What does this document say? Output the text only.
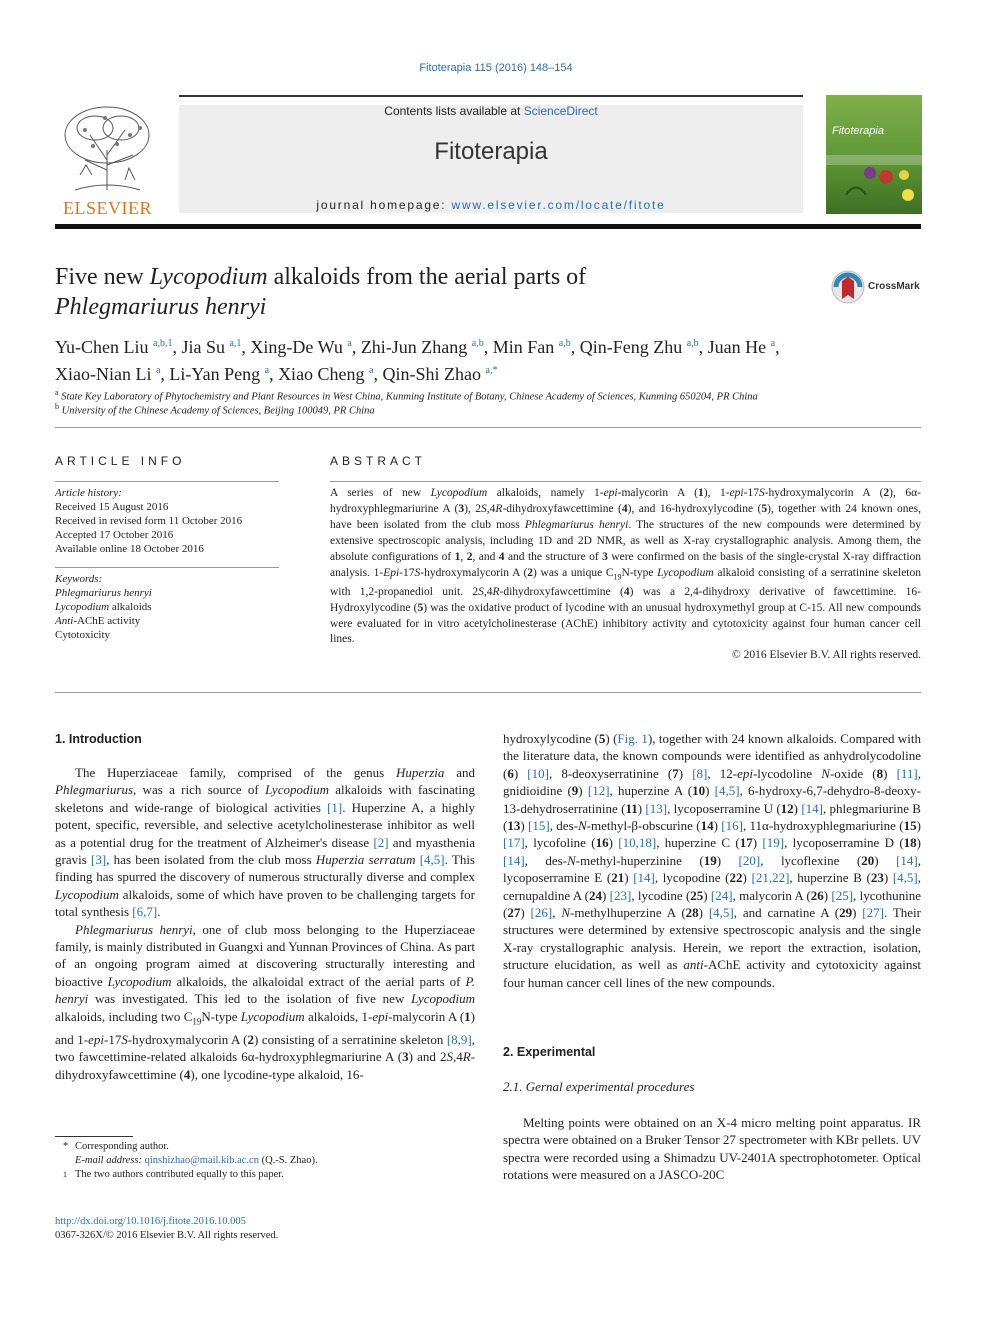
Fitoterapia 115 (2016) 148–154
ELSEVIER
Contents lists available at ScienceDirect
Fitoterapia
journal homepage: www.elsevier.com/locate/fitote
Fitoterapia
Five new Lycopodium alkaloids from the aerial parts of
Phlegmariurus henryi
CrossMark
Yu-Chen Liu $^{a,b,1}$, Jia Su $^{a,1}$, Xing-De Wu $^a$, Zhi-Jun Zhang $^{a,b}$, Min Fan $^{a,b}$, Qin-Feng Zhu $^{a,b}$, Juan He $^a$,
Xiao-Nian Li $^a$, Li-Yan Peng $^a$, Xiao Cheng $^a$, Qin-Shi Zhao $^{a,*}$
$^a$ State Key Laboratory of Phytochemistry and Plant Resources in West China, Kunming Institute of Botany, Chinese Academy of Sciences, Kunming 650204, PR China
$^b$ University of the Chinese Academy of Sciences, Beijing 100049, PR China
ARTICLE INFO
Article history:
Received 15 August 2016
Received in revised form 11 October 2016
Accepted 17 October 2016
Available online 18 October 2016
Keywords:
Phlegmariurus henryi
Lycopodium alkaloids
Anti-AChE activity
Cytotoxicity
ABSTRACT
A series of new Lycopodium alkaloids, namely 1-epi-malycorin A (1), 1-epi-17S-hydroxymalycorin A (2), 6α-hydroxyphlegmariurine A (3), 2S,4R-dihydroxyfawcettimine (4), and 16-hydroxylycodine (5), together with 24 known ones, have been isolated from the club moss Phlegmariurus henryi. The structures of the new compounds were determined by extensive spectroscopic analysis, including 1D and 2D NMR, as well as X-ray crystallographic analysis. Among them, the absolute configurations of 1, 2, and 4 and the structure of 3 were confirmed on the basis of the single-crystal X-ray diffraction analysis. 1-Epi-17S-hydroxymalycorin A (2) was a unique $C_{19}N$-type Lycopodium alkaloid consisting of a serratinine skeleton with 1,2-propanediol unit. 2S,4R-dihydroxyfawcettimine (4) was a 2,4-dihydroxy derivative of fawcettimine. 16-Hydroxylycodine (5) was the oxidative product of lycodine with an unusual hydroxymethyl group at C-15. All new compounds were evaluated for in vitro acetylcholinesterase (AChE) inhibitory activity and cytotoxicity against four human cancer cell lines.
© 2016 Elsevier B.V. All rights reserved.
1. Introduction

The Huperziaceae family, comprised of the genus Huperzia and Phlegmariurus, was a rich source of Lycopodium alkaloids with fascinating skeletons and wide-range of biological activities [1]. Huperzine A, a highly potent, specific, reversible, and selective acetylcholinesterase inhibitor as well as a potential drug for the treatment of Alzheimer's disease [2] and myasthenia gravis [3], has been isolated from the club moss Huperzia serratum [4,5]. This finding has spurred the discovery of numerous structurally diverse and complex Lycopodium alkaloids, some of which have proven to be challenging targets for total synthesis [6,7].

Phlegmariurus henryi, one of club moss belonging to the Huperziaceae family, is mainly distributed in Guangxi and Yunnan Provinces of China. As part of an ongoing program aimed at discovering structurally interesting and bioactive Lycopodium alkaloids, the alkaloidal extract of the aerial parts of P. henryi was investigated. This led to the isolation of five new Lycopodium alkaloids, including two $C_{19}N$-type Lycopodium alkaloids, 1-epi-malycorin A (1) and 1-epi-17S-hydroxymalycorin A (2) consisting of a serratinine skeleton [8,9], two fawcettimine-related alkaloids 6α-hydroxyphlegmariurine A (3) and 2S,4R-dihydroxyfawcettimine (4), one lycodine-type alkaloid, 16-

* Corresponding author.
E-mail address: qinshizhao@mail.kib.ac.cn (Q.-S. Zhao).
1 The two authors contributed equally to this paper.
http://dx.doi.org/10.1016/j.fitote.2016.10.005
0367-326X/© 2016 Elsevier B.V. All rights reserved.

hydroxylycodine (5) (Fig. 1), together with 24 known alkaloids. Compared with the literature data, the known compounds were identified as anhydrolycodoline (6) [10], 8-deoxyserratinine (7) [8], 12-epi-lycodoline N-oxide (8) [11], gnidioidine (9) [12], huperzine A (10) [4,5], 6-hydroxy-6,7-dehydro-8-deoxy-13-dehydroserratinine (11) [13], lycoposerramine U (12) [14], phlegmariurine B (13) [15], des-N-methyl-β-obscurine (14) [16], 11α-hydroxyphlegmariurine (15) [17], lycofoline (16) [10,18], huperzine C (17) [19], lycoposerramine D (18) [14], des-N-methyl-huperzinine (19) [20], lycoflexine (20) [14], lycoposerramine E (21) [14], lycopodine (22) [21,22], huperzine B (23) [4,5], cernupaldine A (24) [23], lycodine (25) [24], malycorin A (26) [25], lycothunine (27) [26], N-methylhuperzine A (28) [4,5], and carnatine A (29) [27]. Their structures were determined by extensive spectroscopic analysis and the single X-ray crystallographic analysis. Herein, we report the extraction, isolation, structure elucidation, as well as anti-AChE activity and cytotoxicity against four human cancer cell lines of the new compounds.

2. Experimental
2.1. Gernal experimental procedures

Melting points were obtained on an X-4 micro melting point apparatus. IR spectra were obtained on a Bruker Tensor 27 spectrometer with KBr pellets. UV spectra were recorded using a Shimadzu UV-2401A spectrophotometer. Optical rotations were measured on a JASCO-20C
